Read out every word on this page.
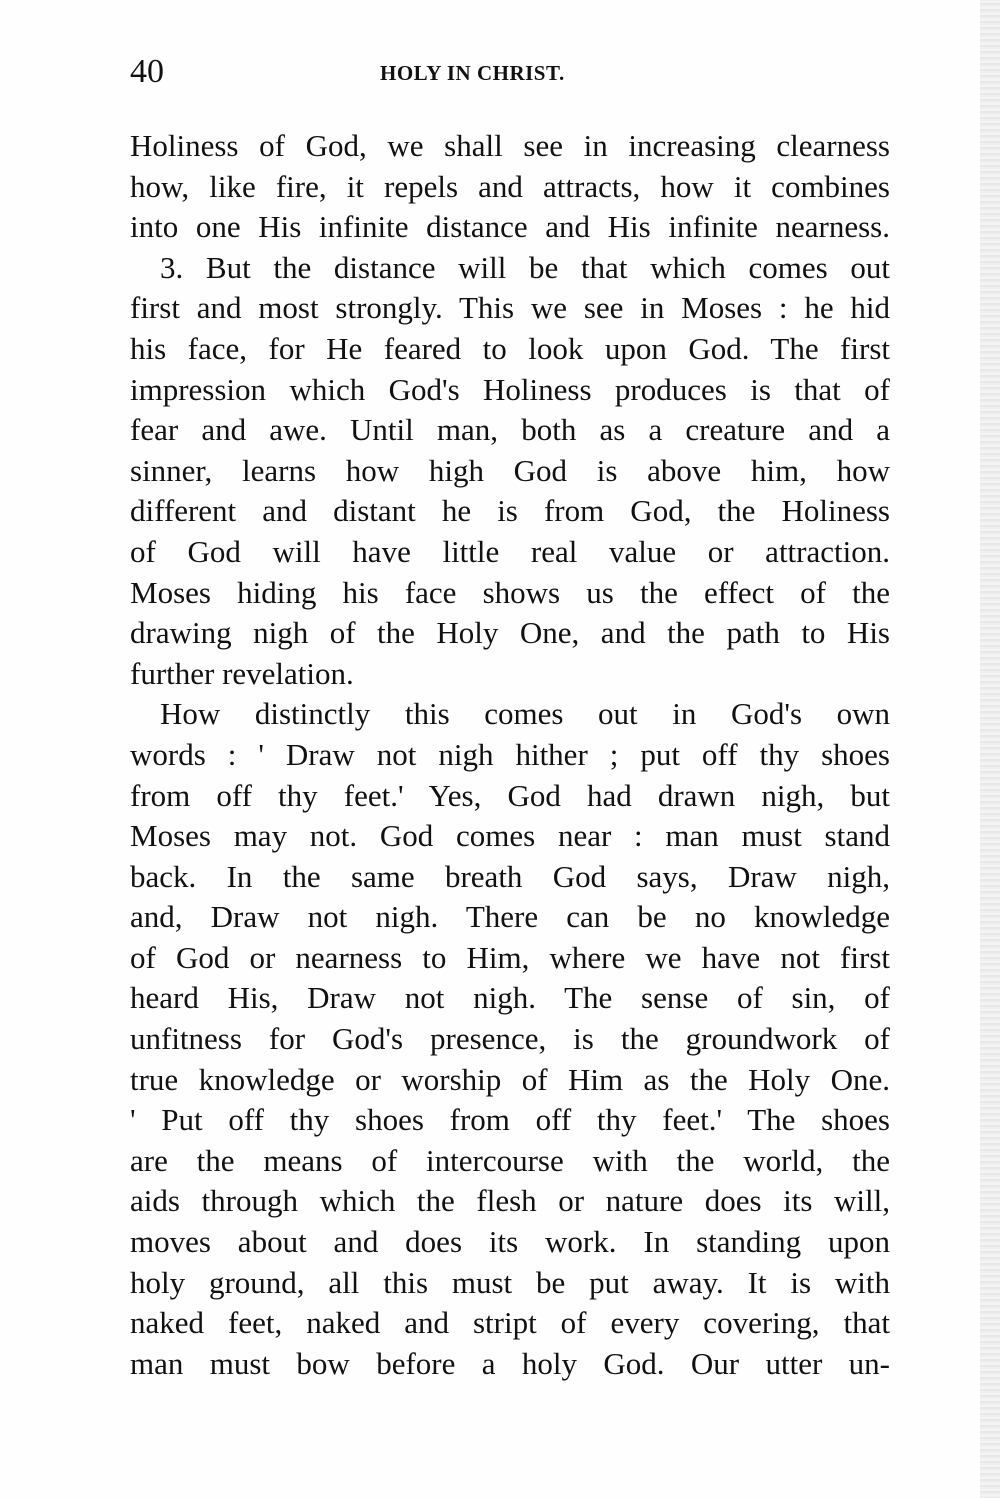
40	HOLY IN CHRIST.
Holiness of God, we shall see in increasing clearness
how, like fire, it repels and attracts, how it combines
into one His infinite distance and His infinite nearness.
3. But the distance will be that which comes out
first and most strongly. This we see in Moses : he hid
his face, for He feared to look upon God. The first
impression which God's Holiness produces is that of
fear and awe. Until man, both as a creature and a
sinner, learns how high God is above him, how
different and distant he is from God, the Holiness
of God will have little real value or attraction.
Moses hiding his face shows us the effect of the
drawing nigh of the Holy One, and the path to His
further revelation.
How distinctly this comes out in God's own
words : ' Draw not nigh hither ; put off thy shoes
from off thy feet.' Yes, God had drawn nigh, but
Moses may not. God comes near : man must stand
back. In the same breath God says, Draw nigh,
and, Draw not nigh. There can be no knowledge
of God or nearness to Him, where we have not first
heard His, Draw not nigh. The sense of sin, of
unfitness for God's presence, is the groundwork of
true knowledge or worship of Him as the Holy One.
' Put off thy shoes from off thy feet.' The shoes
are the means of intercourse with the world, the
aids through which the flesh or nature does its will,
moves about and does its work. In standing upon
holy ground, all this must be put away. It is with
naked feet, naked and stript of every covering, that
man must bow before a holy God. Our utter un-
